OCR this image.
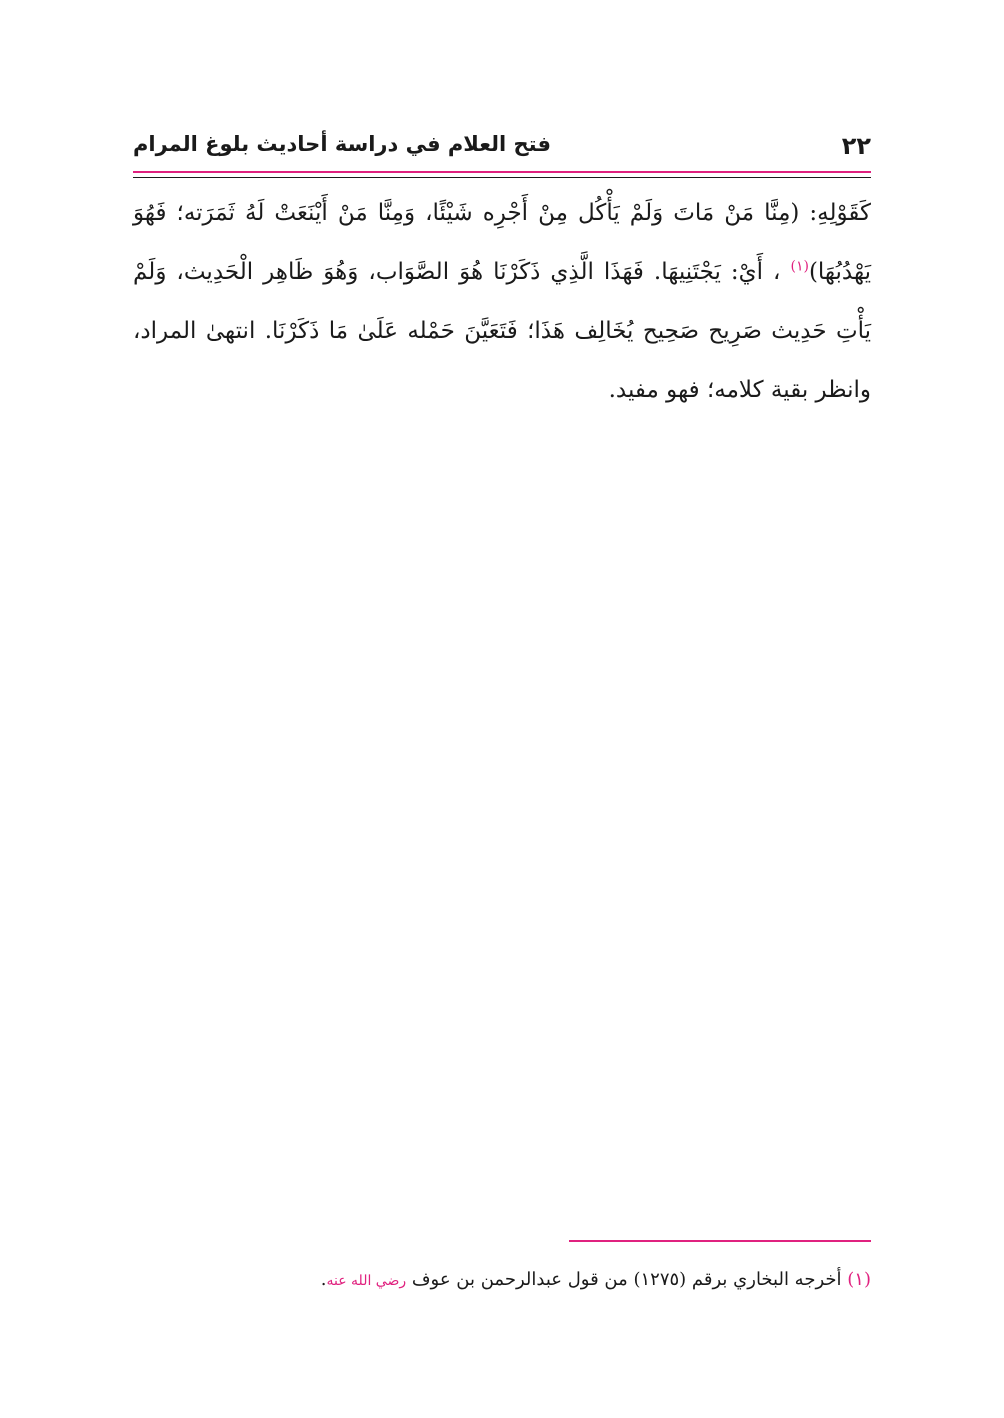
٢٢
فتح العلام في دراسة أحاديث بلوغ المرام

كَقَوْلِهِ: (مِنَّا مَنْ مَاتَ وَلَمْ يَأْكُل مِنْ أَجْرِه شَيْئًا، وَمِنَّا مَنْ أَيْنَعَتْ لَهُ ثَمَرَته؛ فَهُوَ يَهْدُبُهَا)$^{(١)}$ ، أَيْ: يَجْتَنِيهَا. فَهَذَا الَّذِي ذَكَرْنَا هُوَ الصَّوَاب، وَهُوَ ظَاهِر الْحَدِيث، وَلَمْ يَأْتِ حَدِيث صَرِيح صَحِيح يُخَالِف هَذَا؛ فَتَعَيَّنَ حَمْله عَلَىٰ مَا ذَكَرْنَا. انتهىٰ المراد، وانظر بقية كلامه؛ فهو مفيد.

(١) أخرجه البخاري برقم (١٢٧٥) من قول عبدالرحمن بن عوف رضي الله عنه.
